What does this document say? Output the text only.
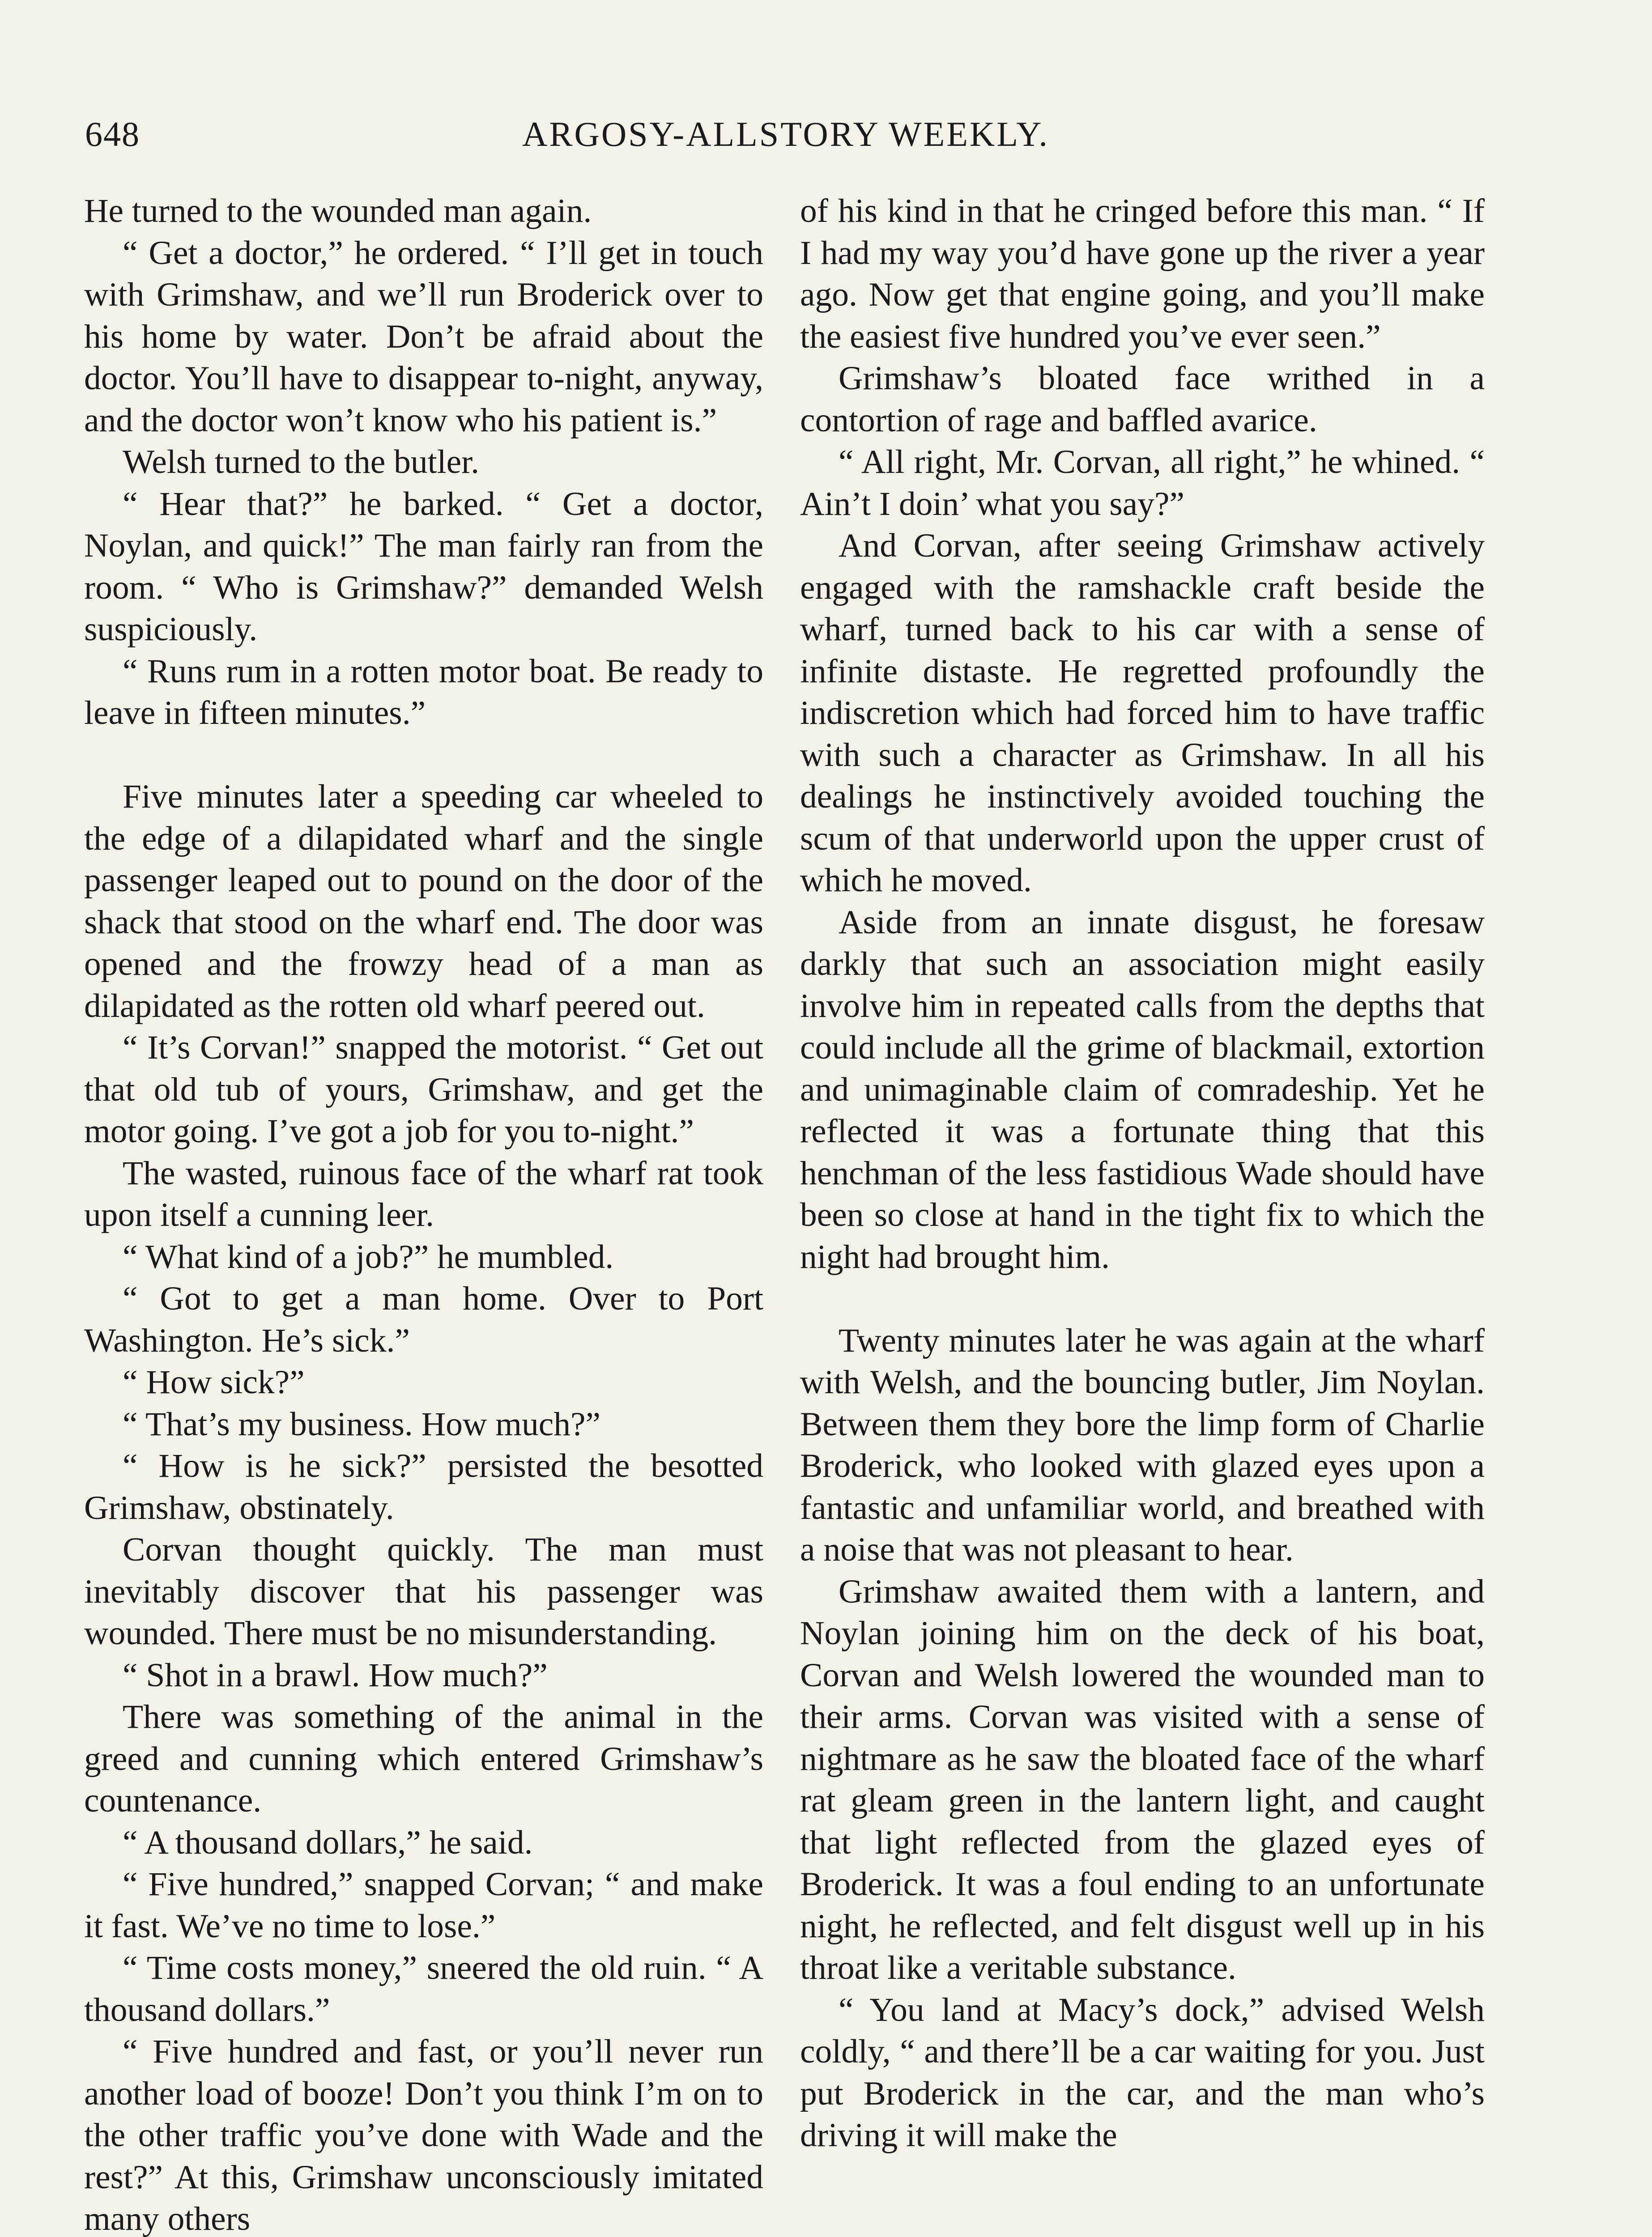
648	ARGOSY-ALLSTORY WEEKLY.

He turned to the wounded man again.

“ Get a doctor,” he ordered. “ I’ll get in touch with Grimshaw, and we’ll run Broderick over to his home by water. Don’t be afraid about the doctor. You’ll have to disappear to-night, anyway, and the doctor won’t know who his patient is.”

Welsh turned to the butler.

“ Hear that?” he barked. “ Get a doctor, Noylan, and quick!” The man fairly ran from the room. “ Who is Grimshaw?” demanded Welsh suspiciously.

“ Runs rum in a rotten motor boat. Be ready to leave in fifteen minutes.”

Five minutes later a speeding car wheeled to the edge of a dilapidated wharf and the single passenger leaped out to pound on the door of the shack that stood on the wharf end. The door was opened and the frowzy head of a man as dilapidated as the rotten old wharf peered out.

“ It’s Corvan!” snapped the motorist. “ Get out that old tub of yours, Grimshaw, and get the motor going. I’ve got a job for you to-night.”

The wasted, ruinous face of the wharf rat took upon itself a cunning leer.

“ What kind of a job?” he mumbled.

“ Got to get a man home. Over to Port Washington. He’s sick.”

“ How sick?”

“ That’s my business. How much?”

“ How is he sick?” persisted the besotted Grimshaw, obstinately.

Corvan thought quickly. The man must inevitably discover that his passenger was wounded. There must be no misunderstanding.

“ Shot in a brawl. How much?”

There was something of the animal in the greed and cunning which entered Grimshaw’s countenance.

“ A thousand dollars,” he said.

“ Five hundred,” snapped Corvan; “ and make it fast. We’ve no time to lose.”

“ Time costs money,” sneered the old ruin. “ A thousand dollars.”

“ Five hundred and fast, or you’ll never run another load of booze! Don’t you think I’m on to the other traffic you’ve done with Wade and the rest?” At this, Grimshaw unconsciously imitated many others

of his kind in that he cringed before this man. “ If I had my way you’d have gone up the river a year ago. Now get that engine going, and you’ll make the easiest five hundred you’ve ever seen.”

Grimshaw’s bloated face writhed in a contortion of rage and baffled avarice.

“ All right, Mr. Corvan, all right,” he whined. “ Ain’t I doin’ what you say?”

And Corvan, after seeing Grimshaw actively engaged with the ramshackle craft beside the wharf, turned back to his car with a sense of infinite distaste. He regretted profoundly the indiscretion which had forced him to have traffic with such a character as Grimshaw. In all his dealings he instinctively avoided touching the scum of that underworld upon the upper crust of which he moved.

Aside from an innate disgust, he foresaw darkly that such an association might easily involve him in repeated calls from the depths that could include all the grime of blackmail, extortion and unimaginable claim of comradeship. Yet he reflected it was a fortunate thing that this henchman of the less fastidious Wade should have been so close at hand in the tight fix to which the night had brought him.

Twenty minutes later he was again at the wharf with Welsh, and the bouncing butler, Jim Noylan. Between them they bore the limp form of Charlie Broderick, who looked with glazed eyes upon a fantastic and unfamiliar world, and breathed with a noise that was not pleasant to hear.

Grimshaw awaited them with a lantern, and Noylan joining him on the deck of his boat, Corvan and Welsh lowered the wounded man to their arms. Corvan was visited with a sense of nightmare as he saw the bloated face of the wharf rat gleam green in the lantern light, and caught that light reflected from the glazed eyes of Broderick. It was a foul ending to an unfortunate night, he reflected, and felt disgust well up in his throat like a veritable substance.

“ You land at Macy’s dock,” advised Welsh coldly, “ and there’ll be a car waiting for you. Just put Broderick in the car, and the man who’s driving it will make the
